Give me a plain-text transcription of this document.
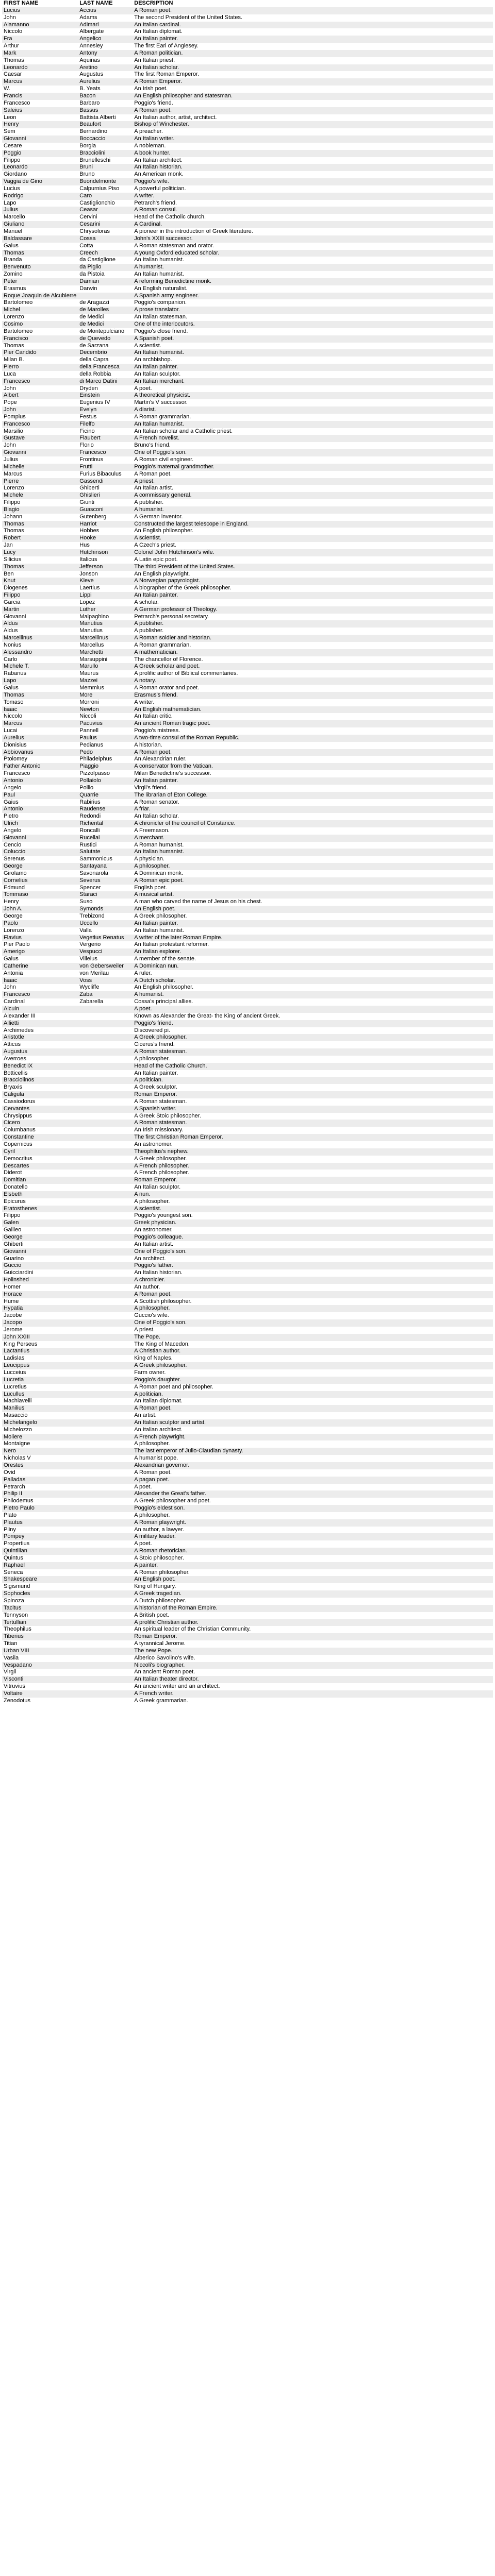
FIRST NAME	LAST NAME	DESCRIPTION
Lucius	Accius	A Roman poet.
John	Adams	The second President of the United States.
Alamanno	Adimari	An Italian cardinal.
Niccolo	Albergate	An Italian diplomat.
Fra	Angelico	An Italian painter.
Arthur	Annesley	The first Earl of Anglesey.
Mark	Antony	A Roman politician.
Thomas	Aquinas	An Italian priest.
Leonardo	Aretino	An Italian scholar.
Caesar	Augustus	The first Roman Emperor.
Marcus	Aurelius	A Roman Emperor.
W.	B. Yeats	An Irish poet.
Francis	Bacon	An English philosopher and statesman.
Francesco	Barbaro	Poggio's friend.
Saleius	Bassus	A Roman poet.
Leon	Battista Alberti	An Italian author, artist, architect.
Henry	Beaufort	Bishop of Winchester.
Sem	Bernardino	A preacher.
Giovanni	Boccaccio	An Italian writer.
Cesare	Borgia	A nobleman.
Poggio	Bracciolini	A book hunter.
Filippo	Brunelleschi	An Italian architect.
Leonardo	Bruni	An Italian historian.
Giordano	Bruno	An American monk.
Vaggia de Gino	Buondelmonte	Poggio's wife.
Lucius	Calpurnius Piso	A powerful politician.
Rodrigo	Caro	A writer.
Lapo	Castiglionchio	Petrarch's friend.
Julius	Ceasar	A Roman consul.
Marcello	Cervini	Head of the Catholic church.
Giuliano	Cesarini	A Cardinal.
Manuel	Chrysoloras	A pioneer in the introduction of Greek literature.
Baldassare	Cossa	John's XXIII successor.
Gaius	Cotta	A Roman statesman and orator.
Thomas	Creech	A young Oxford educated scholar.
Branda	da Castiglione	An Italian humanist.
Benvenuto	da Piglio	A humanist.
Zomino	da Pistoia	An Italian humanist.
Peter	Damian	A reforming Benedictine monk.
Erasmus	Darwin	An English naturalist.
Roque Joaquin de Alcubierre		A Spanish army engineer.
Bartolomeo	de Aragazzi	Poggio's companion.
Michel	de Marolles	A prose translator.
Lorenzo	de Medici	An Italian statesman.
Cosimo	de Medici	One of the interlocutors.
Bartolomeo	de Montepulciano	Poggio's close friend.
Francisco	de Quevedo	A Spanish poet.
Thomas	de Sarzana	A scientist.
Pier Candido	Decembrio	An Italian humanist.
Milan B.	della Capra	An archbishop.
Pierro	della Francesca	An Italian painter.
Luca	della Robbia	An Italian sculptor.
Francesco	di Marco Datini	An Italian merchant.
John	Dryden	A poet.
Albert	Einstein	A theoretical physicist.
Pope	Eugenius IV	Martin's V successor.
John	Evelyn	A diarist.
Pompius	Festus	A Roman grammarian.
Francesco	Filelfo	An Italian humanist.
Marsilio	Ficino	An Italian scholar and a Catholic priest.
Gustave	Flaubert	A French novelist.
John	Florio	Bruno's friend.
Giovanni	Francesco	One of Poggio's son.
Julius	Frontinus	A Roman civil engineer.
Michelle	Frutti	Poggio's maternal grandmother.
Marcus	Furius Bibaculus	A Roman poet.
Pierre	Gassendi	A priest.
Lorenzo	Ghiberti	An Italian artist.
Michele	Ghislieri	A commissary general.
Filippo	Giunti	A publisher.
Biagio	Guasconi	A humanist.
Johann	Gutenberg	A German inventor.
Thomas	Harriot	Constructed the largest telescope in England.
Thomas	Hobbes	An English philosopher.
Robert	Hooke	A scientist.
Jan	Hus	A Czech's priest.
Lucy	Hutchinson	Colonel John Hutchinson's wife.
Silicius	Italicus	A Latin epic poet.
Thomas	Jefferson	The third President of the United States.
Ben	Jonson	An English playwright.
Knut	Kleve	A Norwegian papyrologist.
Diogenes	Laertius	A biographer of the Greek philosopher.
Filippo	Lippi	An Italian painter.
Garcia	Lopez	A scholar.
Martin	Luther	A German professor of Theology.
Giovanni	Malpaghino	Petrarch's personal secretary.
Aldus	Manutius	A publisher.
Aldus	Manutius	A publisher.
Marcellinus	Marcellinus	A Roman soldier and historian.
Nonius	Marcellus	A Roman grammarian.
Alessandro	Marchetti	A mathematician.
Carlo	Marsuppini	The chancellor of Florence.
Michele T.	Marullo	A Greek scholar and poet.
Rabanus	Maurus	A prolific author of Biblical commentaries.
Lapo	Mazzei	A notary.
Gaius	Memmius	A Roman orator and poet.
Thomas	More	Erasmus's friend.
Tomaso	Morroni	A writer.
Isaac	Newton	An English mathematician.
Niccolo	Niccoli	An Italian critic.
Marcus	Pacuvius	An ancient Roman tragic poet.
Lucai	Pannell	Poggio's mistress.
Aurelius	Paulus	A two-time consul of the Roman Republic.
Dionisius	Pedianus	A historian.
Abbiovanus	Pedo	A Roman poet.
Ptolomey	Philadelphus	An Alexandrian ruler.
Father Antonio	Piaggio	A conservator from the Vatican.
Francesco	Pizzolpasso	Milan Benedictine's successor.
Antonio	Pollaiolo	An Italian painter.
Angelo	Pollio	Virgil's friend.
Paul	Quarrie	The librarian of Eton College.
Gaius	Rabirius	A Roman senator.
Antonio	Raudense	A friar.
Pietro	Redondi	An Italian scholar.
Ulrich	Richental	A chronicler of the council of Constance.
Angelo	Roncalli	A Freemason.
Giovanni	Rucellai	A merchant.
Cencio	Rustici	A Roman humanist.
Coluccio	Salutate	An Italian humanist.
Serenus	Sammonicus	A physician.
George	Santayana	A philosopher.
Girolamo	Savonarola	A Dominican monk.
Cornelius	Severus	A Roman epic poet.
Edmund	Spencer	English poet.
Tommaso	Staraci	A musical artist.
Henry	Suso	A man who carved the name of Jesus on his chest.
John A.	Symonds	An English poet.
George	Trebizond	A Greek philosopher.
Paolo	Uccello	An Italian painter.
Lorenzo	Valla	An Italian humanist.
Flavius	Vegetius Renatus	A writer of the later Roman Empire.
Pier Paolo	Vergerio	An Italian protestant reformer.
Amerigo	Vespucci	An Italian explorer.
Gaius	Villeius	A member of the senate.
Catherine	von Gebersweiler	A Dominican nun.
Antonia	von Merilau	A ruler.
Isaac	Voss	A Dutch scholar.
John	Wycliffe	An English philosopher.
Francesco	Zaba	A humanist.
Cardinal	Zabarella	Cossa's principal allies.
Alcuin		A poet.
Alexander III		Known as Alexander the Great- the King of ancient Greek.
Allietti		Poggio's friend.
Archimedes		Discovered pi.
Aristotle		A Greek philosopher.
Atticus		Cicerus's friend.
Augustus		A Roman statesman.
Averroes		A philosopher.
Benedict IX		Head of the Catholic Church.
Botticellis		An Italian painter.
Bracciolinos		A politician.
Bryaxis		A Greek sculptor.
Caligula		Roman Emperor.
Cassiodorus		A Roman statesman.
Cervantes		A Spanish writer.
Chrysippus		A Greek Stoic philosopher.
Cicero		A Roman statesman.
Columbanus		An Irish missionary.
Constantine		The first Christian Roman Emperor.
Copernicus		An astronomer.
Cyril		Theophilus's nephew.
Democritus		A Greek philosopher.
Descartes		A French philosopher.
Diderot		A French philosopher.
Domitian		Roman Emperor.
Donatello		An Italian sculptor.
Elsbeth		A nun.
Epicurus		A philosopher.
Eratosthenes		A scientist.
Filippo		Poggio's youngest son.
Galen		Greek physician.
Galileo		An astronomer.
George		Poggio's colleague.
Ghiberti		An Italian artist.
Giovanni		One of Poggio's son.
Guarino		An architect.
Guccio		Poggio's father.
Guicciardini		An Italian historian.
Holinshed		A chronicler.
Homer		An author.
Horace		A Roman poet.
Hume		A Scottish philosopher.
Hypatia		A philosopher.
Jacobe		Guccio's wife.
Jacopo		One of Poggio's son.
Jerome		A priest.
John XXIII		The Pope.
King Perseus		The King of Macedon.
Lactantius		A Christian author.
Ladislas		King of Naples.
Leucippus		A Greek philosopher.
Lucceius		Farm owner.
Lucretia		Poggio's daughter.
Lucretius		A Roman poet and philosopher.
Lucullus		A politician.
Machiavelli		An Italian diplomat.
Manilius		A Roman poet.
Masaccio		An artist.
Michelangelo		An Italian sculptor and artist.
Michelozzo		An Italian architect.
Moliere		A French playwright.
Montaigne		A philosopher.
Nero		The last emperor of Julio-Claudian dynasty.
Nicholas V		A humanist pope.
Orestes		Alexandrian governor.
Ovid		A Roman poet.
Palladas		A pagan poet.
Petrarch		A poet.
Philip II		Alexander the Great's father.
Philodemus		A Greek philosopher and poet.
Pietro Paulo		Poggio's eldest son.
Plato		A philosopher.
Plautus		A Roman playwright.
Pliny		An author, a lawyer.
Pompey		A military leader.
Propertius		A poet.
Quintilian		A Roman rhetorician.
Quintus		A Stoic philosopher.
Raphael		A painter.
Seneca		A Roman philosopher.
Shakespeare		An English poet.
Sigismund		King of Hungary.
Sophocles		A Greek tragedian.
Spinoza		A Dutch philosopher.
Tacitus		A historian of the Roman Empire.
Tennyson		A British poet.
Tertullian		A prolific Christian author.
Theophilus		An spiritual leader of the Christian Community.
Tiberius		Roman Emperor.
Titian		A tyrannical Jerome.
Urban VIII		The new Pope.
Vasila		Alberico Savolino's wife.
Vespadano		Niccoli's biographer.
Virgil		An ancient Roman poet.
Visconti		An Italian theater director.
Vitruvius		An ancient writer and an architect.
Voltaire		A French writer.
Zenodotus		A Greek grammarian.
